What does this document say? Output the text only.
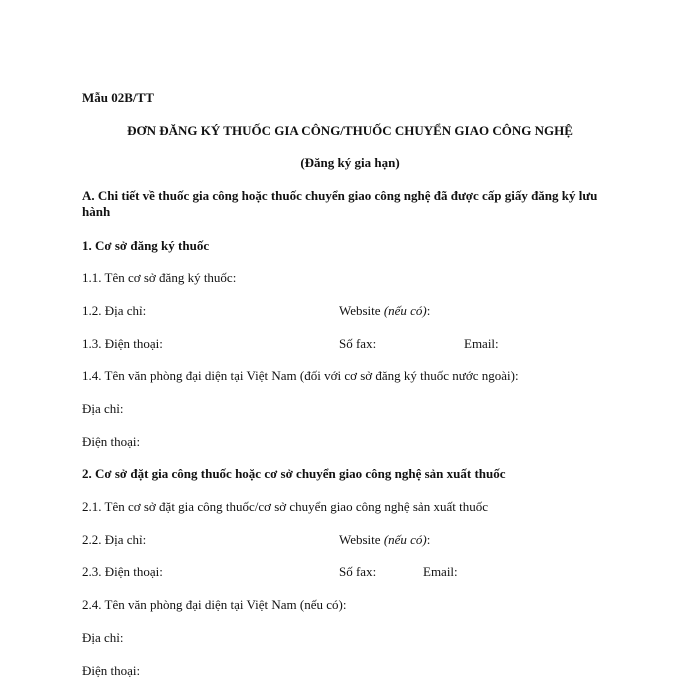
Mẫu 02B/TT
ĐƠN ĐĂNG KÝ THUỐC GIA CÔNG/THUỐC CHUYỂN GIAO CÔNG NGHỆ
(Đăng ký gia hạn)
A. Chi tiết về thuốc gia công hoặc thuốc chuyển giao công nghệ đã được cấp giấy đăng ký lưu hành
1. Cơ sở đăng ký thuốc
1.1. Tên cơ sở đăng ký thuốc:
1.2. Địa chỉ:	Website (nếu có):
1.3. Điện thoại:	Số fax:	Email:
1.4. Tên văn phòng đại diện tại Việt Nam (đối với cơ sở đăng ký thuốc nước ngoài):
Địa chỉ:
Điện thoại:
2. Cơ sở đặt gia công thuốc hoặc cơ sở chuyển giao công nghệ sản xuất thuốc
2.1. Tên cơ sở đặt gia công thuốc/cơ sở chuyển giao công nghệ sản xuất thuốc
2.2. Địa chỉ:	Website (nếu có):
2.3. Điện thoại:	Số fax:	Email:
2.4. Tên văn phòng đại diện tại Việt Nam (nếu có):
Địa chỉ:
Điện thoại:
